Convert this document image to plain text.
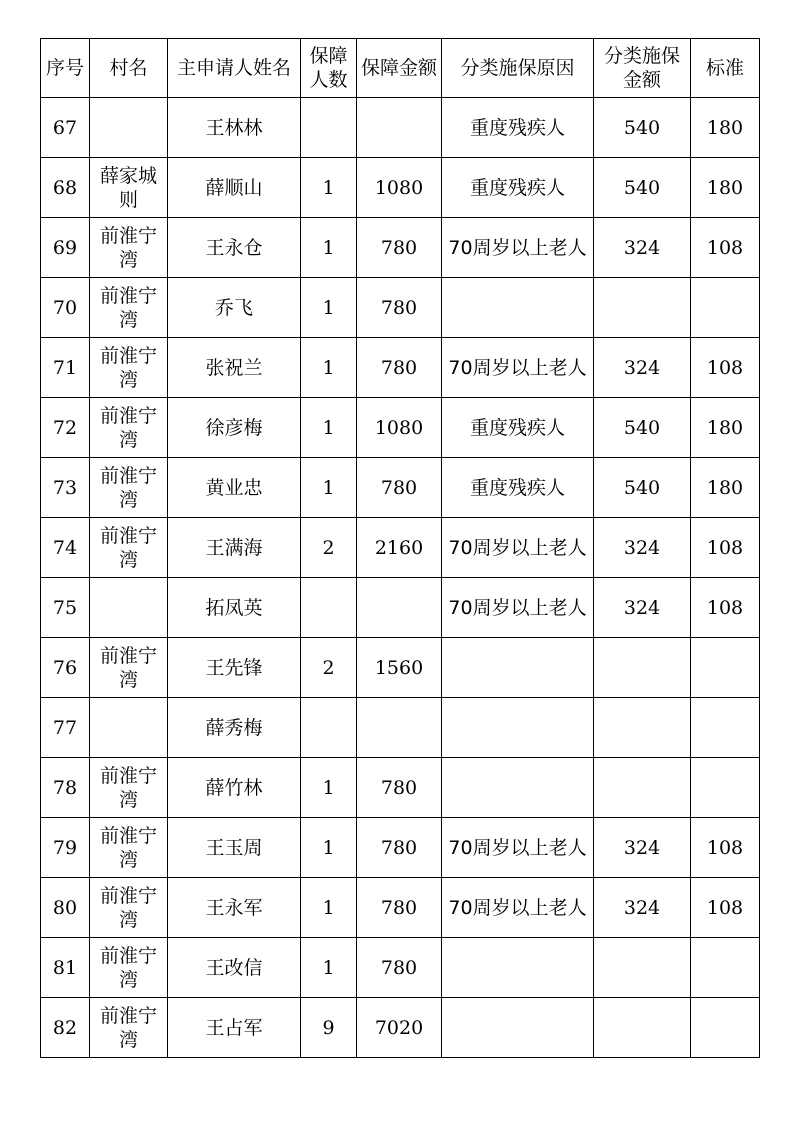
序号	村名	主申请人姓名	保障人数	保障金额	分类施保原因	分类施保金额	标准
67		王林林			重度残疾人	540	180
68	薛家城则	薛顺山	1	1080	重度残疾人	540	180
69	前淮宁湾	王永仓	1	780	70周岁以上老人	324	108
70	前淮宁湾	乔飞	1	780			
71	前淮宁湾	张祝兰	1	780	70周岁以上老人	324	108
72	前淮宁湾	徐彦梅	1	1080	重度残疾人	540	180
73	前淮宁湾	黄业忠	1	780	重度残疾人	540	180
74	前淮宁湾	王满海	2	2160	70周岁以上老人	324	108
75		拓凤英			70周岁以上老人	324	108
76	前淮宁湾	王先锋	2	1560			
77		薛秀梅					
78	前淮宁湾	薛竹林	1	780			
79	前淮宁湾	王玉周	1	780	70周岁以上老人	324	108
80	前淮宁湾	王永军	1	780	70周岁以上老人	324	108
81	前淮宁湾	王改信	1	780			
82	前淮宁湾	王占军	9	7020			
